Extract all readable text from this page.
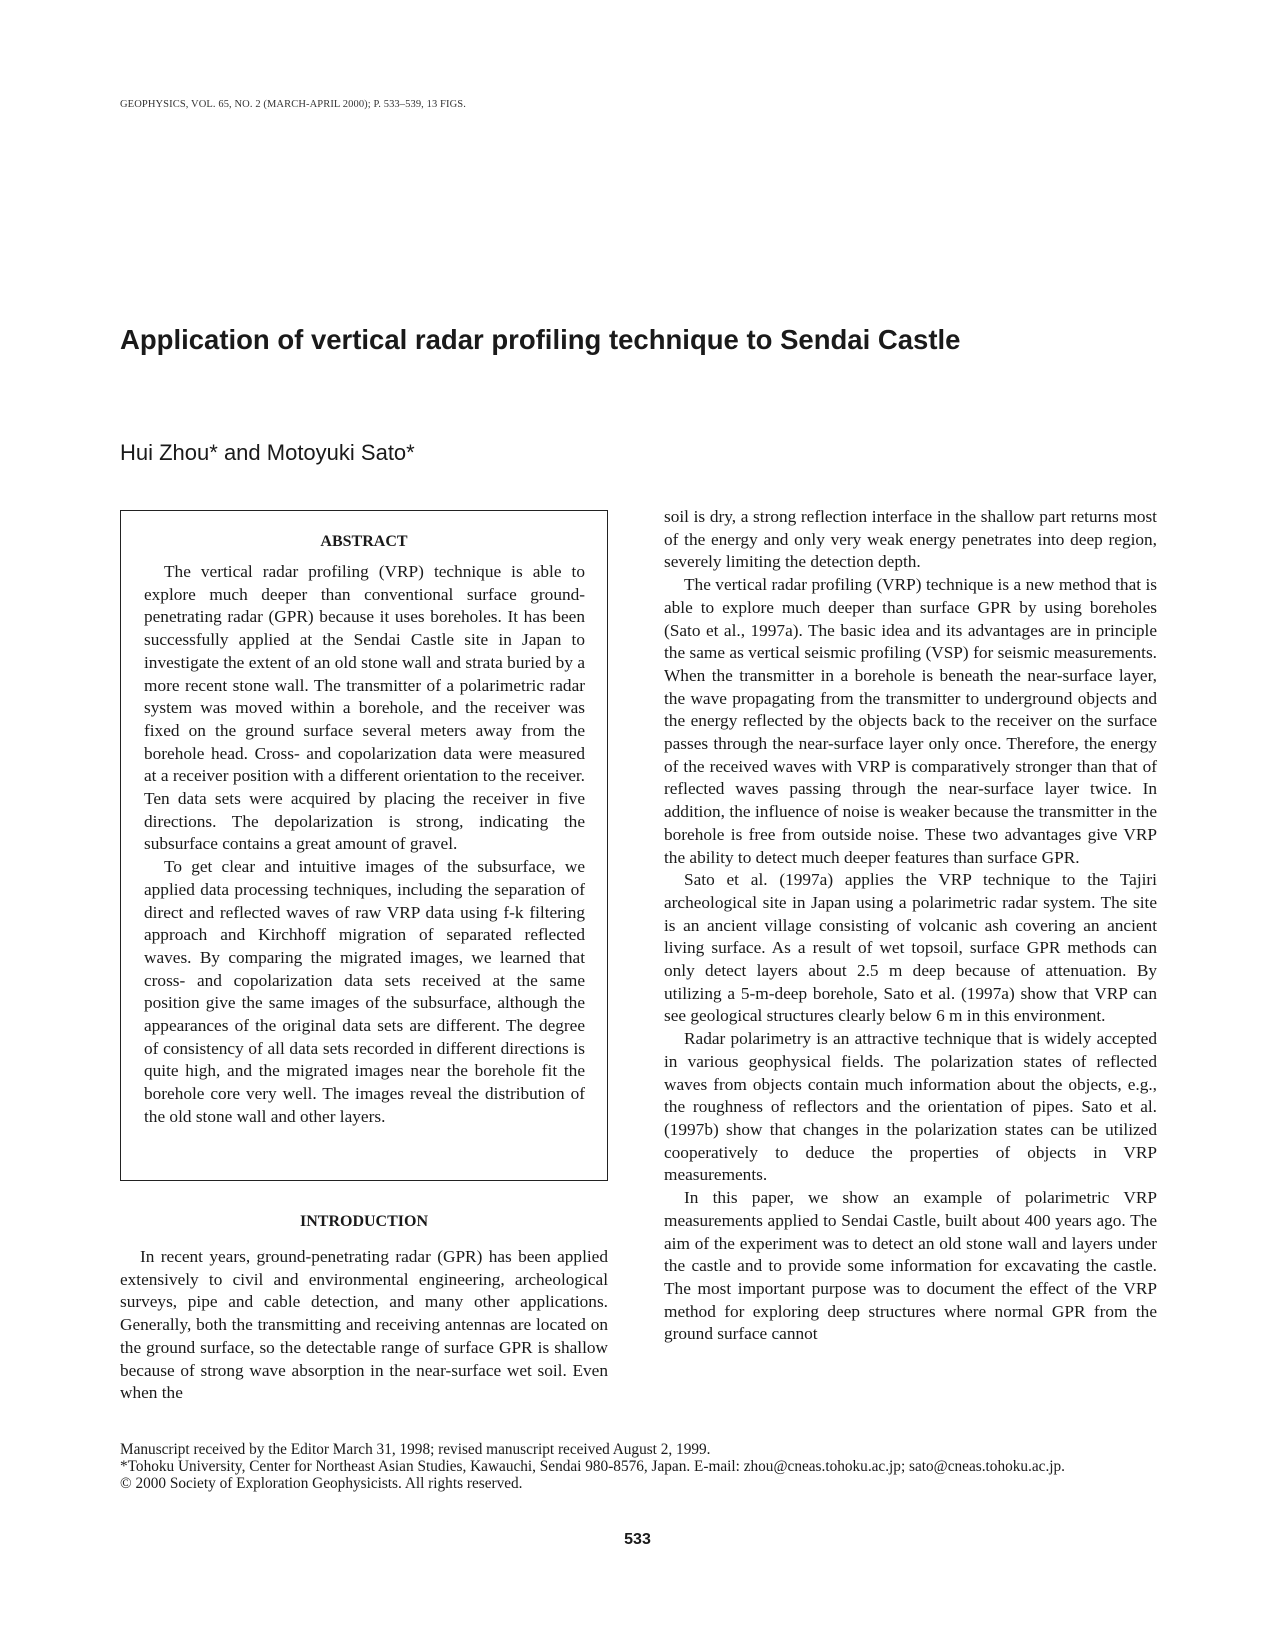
GEOPHYSICS, VOL. 65, NO. 2 (MARCH-APRIL 2000); P. 533–539, 13 FIGS.
Application of vertical radar profiling technique to Sendai Castle
Hui Zhou* and Motoyuki Sato*
ABSTRACT

The vertical radar profiling (VRP) technique is able to explore much deeper than conventional surface ground-penetrating radar (GPR) because it uses boreholes. It has been successfully applied at the Sendai Castle site in Japan to investigate the extent of an old stone wall and strata buried by a more recent stone wall. The transmitter of a polarimetric radar system was moved within a borehole, and the receiver was fixed on the ground surface several meters away from the borehole head. Cross- and copolarization data were measured at a receiver position with a different orientation to the receiver. Ten data sets were acquired by placing the receiver in five directions. The depolarization is strong, indicating the subsurface contains a great amount of gravel.

To get clear and intuitive images of the subsurface, we applied data processing techniques, including the separation of direct and reflected waves of raw VRP data using f-k filtering approach and Kirchhoff migration of separated reflected waves. By comparing the migrated images, we learned that cross- and copolarization data sets received at the same position give the same images of the subsurface, although the appearances of the original data sets are different. The degree of consistency of all data sets recorded in different directions is quite high, and the migrated images near the borehole fit the borehole core very well. The images reveal the distribution of the old stone wall and other layers.

INTRODUCTION

In recent years, ground-penetrating radar (GPR) has been applied extensively to civil and environmental engineering, archeological surveys, pipe and cable detection, and many other applications. Generally, both the transmitting and receiving antennas are located on the ground surface, so the detectable range of surface GPR is shallow because of strong wave absorption in the near-surface wet soil. Even when the

soil is dry, a strong reflection interface in the shallow part returns most of the energy and only very weak energy penetrates into deep region, severely limiting the detection depth.

The vertical radar profiling (VRP) technique is a new method that is able to explore much deeper than surface GPR by using boreholes (Sato et al., 1997a). The basic idea and its advantages are in principle the same as vertical seismic profiling (VSP) for seismic measurements. When the transmitter in a borehole is beneath the near-surface layer, the wave propagating from the transmitter to underground objects and the energy reflected by the objects back to the receiver on the surface passes through the near-surface layer only once. Therefore, the energy of the received waves with VRP is comparatively stronger than that of reflected waves passing through the near-surface layer twice. In addition, the influence of noise is weaker because the transmitter in the borehole is free from outside noise. These two advantages give VRP the ability to detect much deeper features than surface GPR.

Sato et al. (1997a) applies the VRP technique to the Tajiri archeological site in Japan using a polarimetric radar system. The site is an ancient village consisting of volcanic ash covering an ancient living surface. As a result of wet topsoil, surface GPR methods can only detect layers about 2.5 m deep because of attenuation. By utilizing a 5-m-deep borehole, Sato et al. (1997a) show that VRP can see geological structures clearly below 6 m in this environment.

Radar polarimetry is an attractive technique that is widely accepted in various geophysical fields. The polarization states of reflected waves from objects contain much information about the objects, e.g., the roughness of reflectors and the orientation of pipes. Sato et al. (1997b) show that changes in the polarization states can be utilized cooperatively to deduce the properties of objects in VRP measurements.

In this paper, we show an example of polarimetric VRP measurements applied to Sendai Castle, built about 400 years ago. The aim of the experiment was to detect an old stone wall and layers under the castle and to provide some information for excavating the castle. The most important purpose was to document the effect of the VRP method for exploring deep structures where normal GPR from the ground surface cannot

Manuscript received by the Editor March 31, 1998; revised manuscript received August 2, 1999.

*Tohoku University, Center for Northeast Asian Studies, Kawauchi, Sendai 980-8576, Japan. E-mail: zhou@cneas.tohoku.ac.jp; sato@cneas.tohoku.ac.jp.

© 2000 Society of Exploration Geophysicists. All rights reserved.

533
